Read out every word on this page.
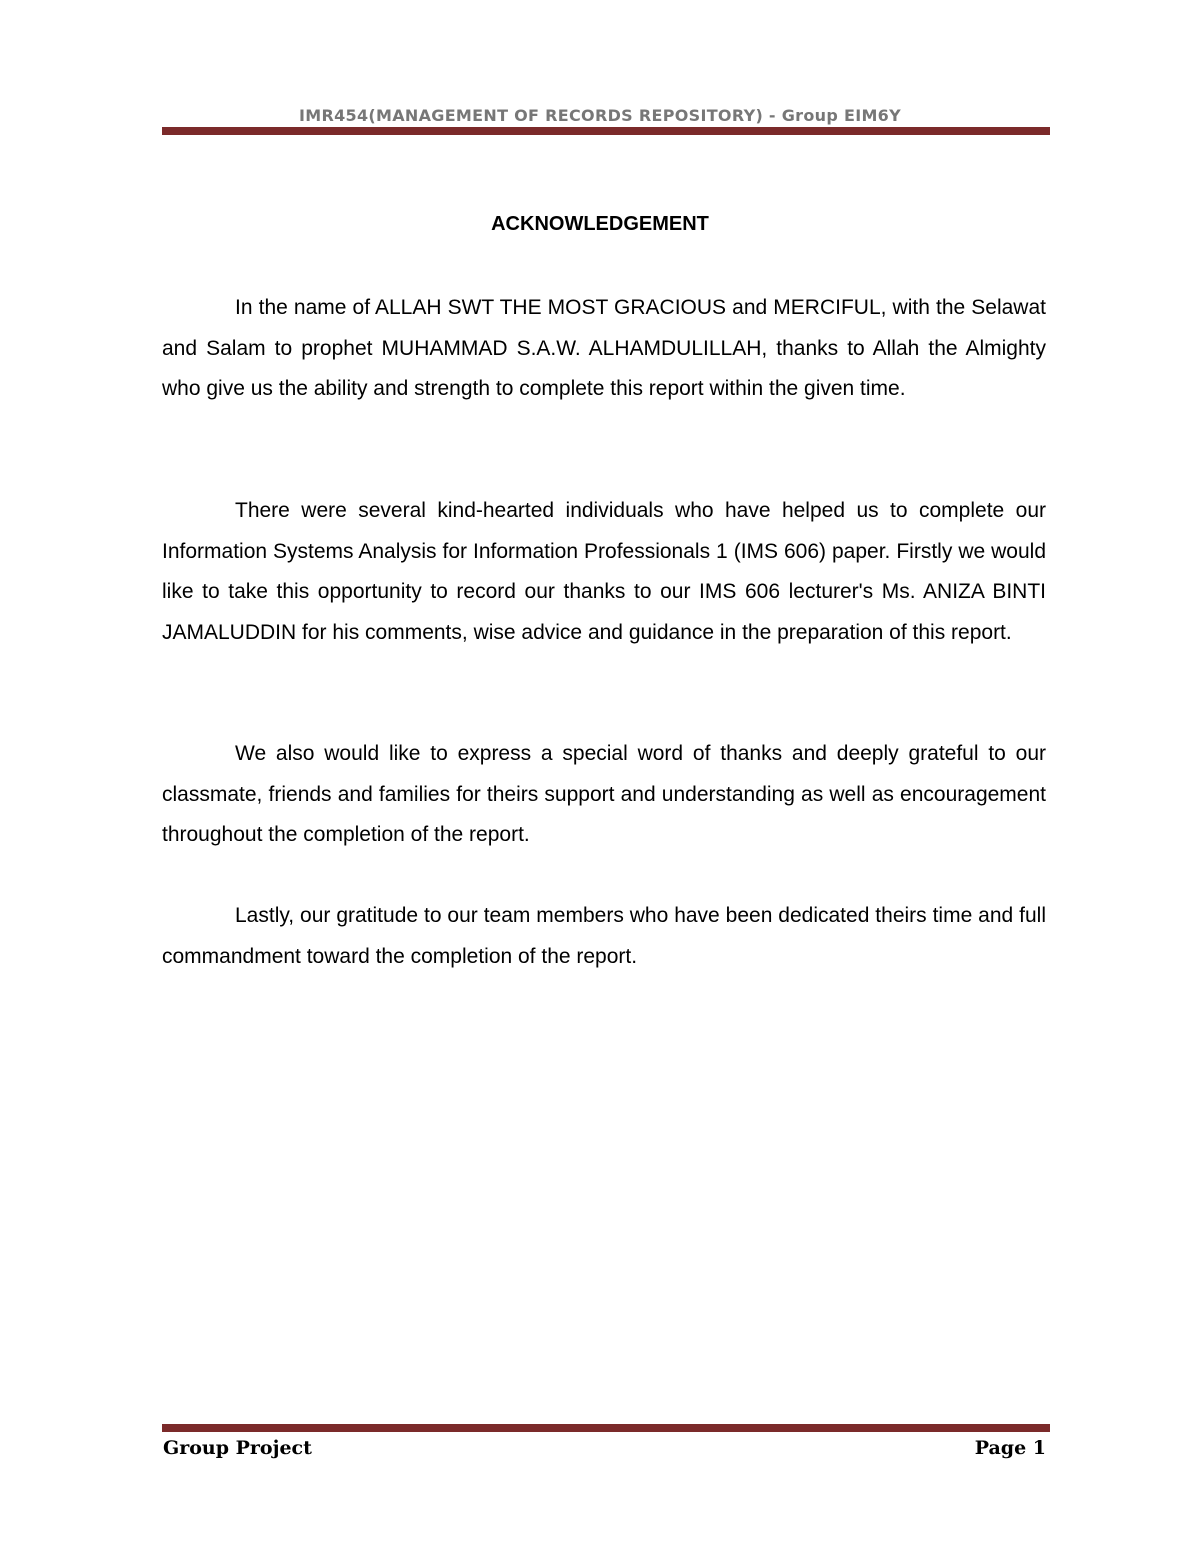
IMR454(MANAGEMENT OF RECORDS REPOSITORY) - Group EIM6Y
ACKNOWLEDGEMENT

In the name of ALLAH SWT THE MOST GRACIOUS and MERCIFUL, with the Selawat and Salam to prophet MUHAMMAD S.A.W. ALHAMDULILLAH, thanks to Allah the Almighty who give us the ability and strength to complete this report within the given time.

There were several kind-hearted individuals who have helped us to complete our Information Systems Analysis for Information Professionals 1 (IMS 606) paper. Firstly we would like to take this opportunity to record our thanks to our IMS 606 lecturer's Ms. ANIZA BINTI JAMALUDDIN for his comments, wise advice and guidance in the preparation of this report.

We also would like to express a special word of thanks and deeply grateful to our classmate, friends and families for theirs support and understanding as well as encouragement throughout the completion of the report.

Lastly, our gratitude to our team members who have been dedicated theirs time and full commandment toward the completion of the report.

Group Project	Page 1
